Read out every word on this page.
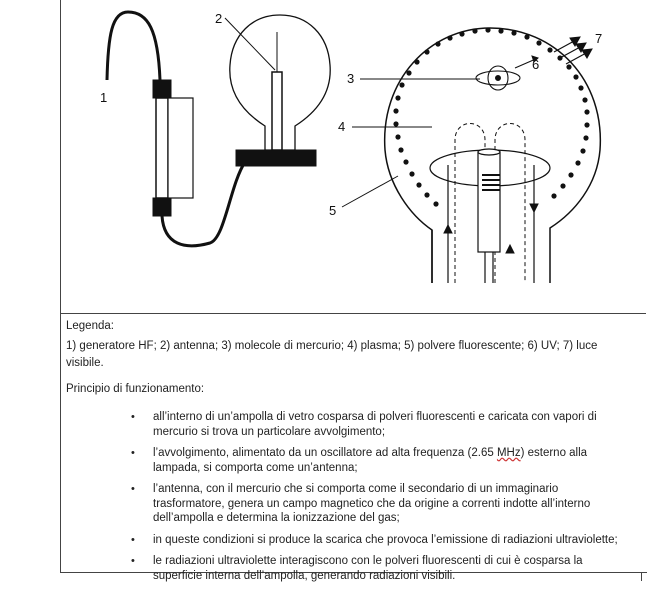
1
2
3
4
5
6
7

Legenda:

1) generatore HF; 2) antenna; 3) molecole di mercurio; 4) plasma; 5) polvere fluorescente; 6) UV; 7) luce

visibile.

Principio di funzionamento:

• all’interno di un’ampolla di vetro cosparsa di polveri fluorescenti e caricata con vapori di
mercurio si trova un particolare avvolgimento;
• l’avvolgimento, alimentato da un oscillatore ad alta frequenza (2.65 MHz) esterno alla
lampada, si comporta come un’antenna;
• l’antenna, con il mercurio che si comporta come il secondario di un immaginario
trasformatore, genera un campo magnetico che da origine a correnti indotte all’interno
dell’ampolla e determina la ionizzazione del gas;
• in queste condizioni si produce la scarica che provoca l’emissione di radiazioni ultraviolette;
• le radiazioni ultraviolette interagiscono con le polveri fluorescenti di cui è cosparsa la
superficie interna dell’ampolla, generando radiazioni visibili.
